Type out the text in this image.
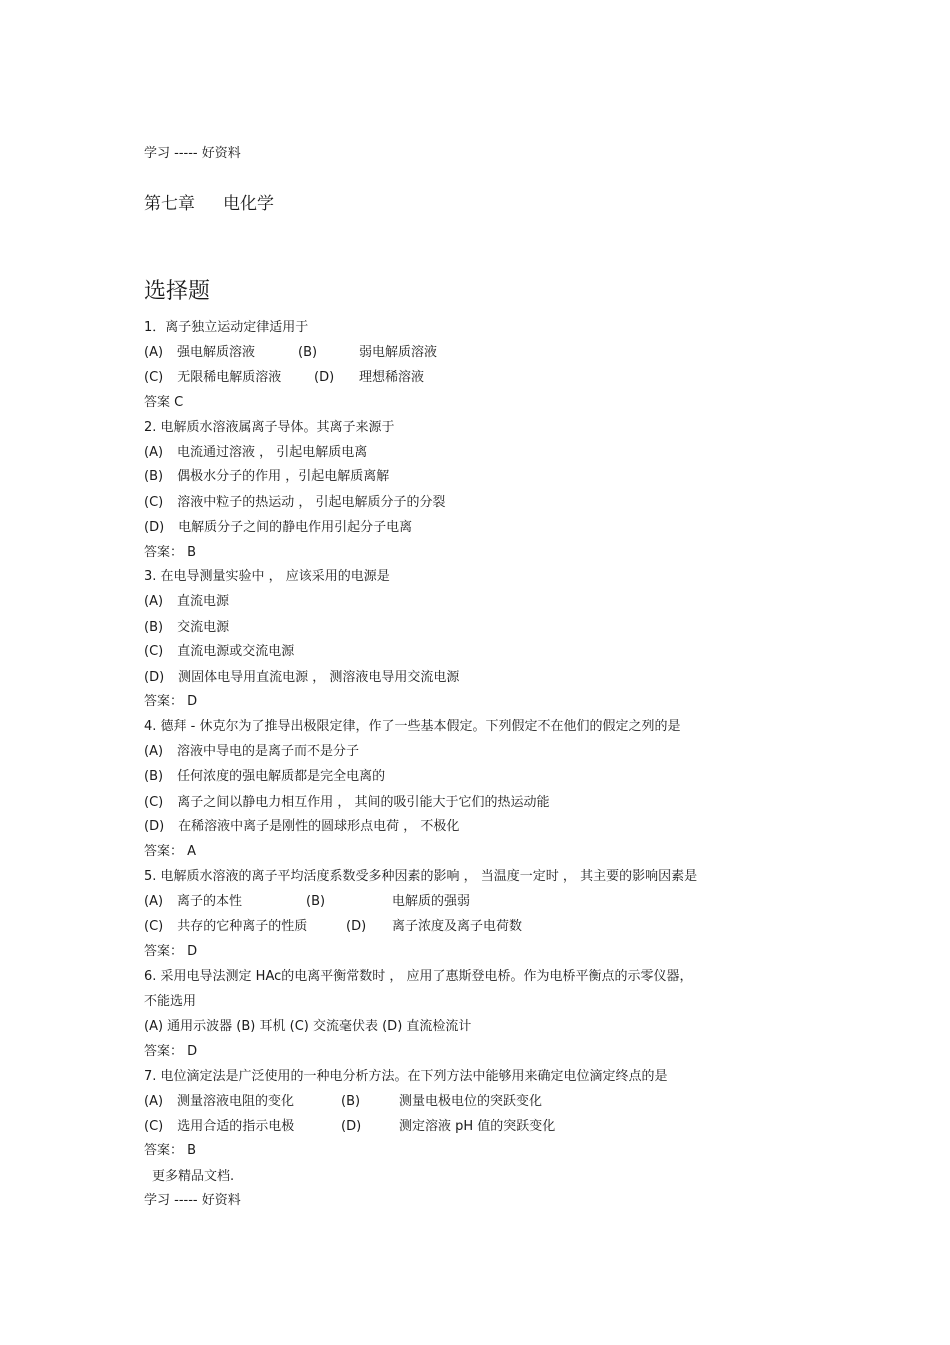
学习 ----- 好资料
第七章 电化学
选择题
1．离子独立运动定律适用于
(A) 强电解质溶液	(B)	弱电解质溶液
(C) 无限稀电解质溶液	(D) 理想稀溶液
答案 C
2. 电解质水溶液属离子导体。其离子来源于
(A) 电流通过溶液 ， 引起电解质电离
(B) 偶极水分子的作用 ，引起电解质离解
(C) 溶液中粒子的热运动 ， 引起电解质分子的分裂
(D) 电解质分子之间的静电作用引起分子电离
答案： B
3. 在电导测量实验中 ， 应该采用的电源是
(A) 直流电源
(B) 交流电源
(C) 直流电源或交流电源
(D) 测固体电导用直流电源 ， 测溶液电导用交流电源
答案： D
4. 德拜 - 休克尔为了推导出极限定律，作了一些基本假定。下列假定不在他们的假定之列的是
(A) 溶液中导电的是离子而不是分子
(B) 任何浓度的强电解质都是完全电离的
(C) 离子之间以静电力相互作用 ， 其间的吸引能大于它们的热运动能
(D) 在稀溶液中离子是刚性的圆球形点电荷 ， 不极化
答案： A
5. 电解质水溶液的离子平均活度系数受多种因素的影响 ， 当温度一定时 ， 其主要的影响因素是
(A) 离子的本性	(B)	电解质的强弱
(C) 共存的它种离子的性质	(D) 离子浓度及离子电荷数
答案： D
6. 采用电导法测定 HAc的电离平衡常数时 ， 应用了惠斯登电桥。作为电桥平衡点的示零仪器，
不能选用
(A) 通用示波器 (B) 耳机 (C) 交流毫伏表 (D) 直流检流计
答案： D
7. 电位滴定法是广泛使用的一种电分析方法。在下列方法中能够用来确定电位滴定终点的是
(A) 测量溶液电阻的变化	(B)	测量电极电位的突跃变化
(C) 选用合适的指示电极	(D)	测定溶液 pH 值的突跃变化
答案： B
更多精品文档.
学习 ----- 好资料
